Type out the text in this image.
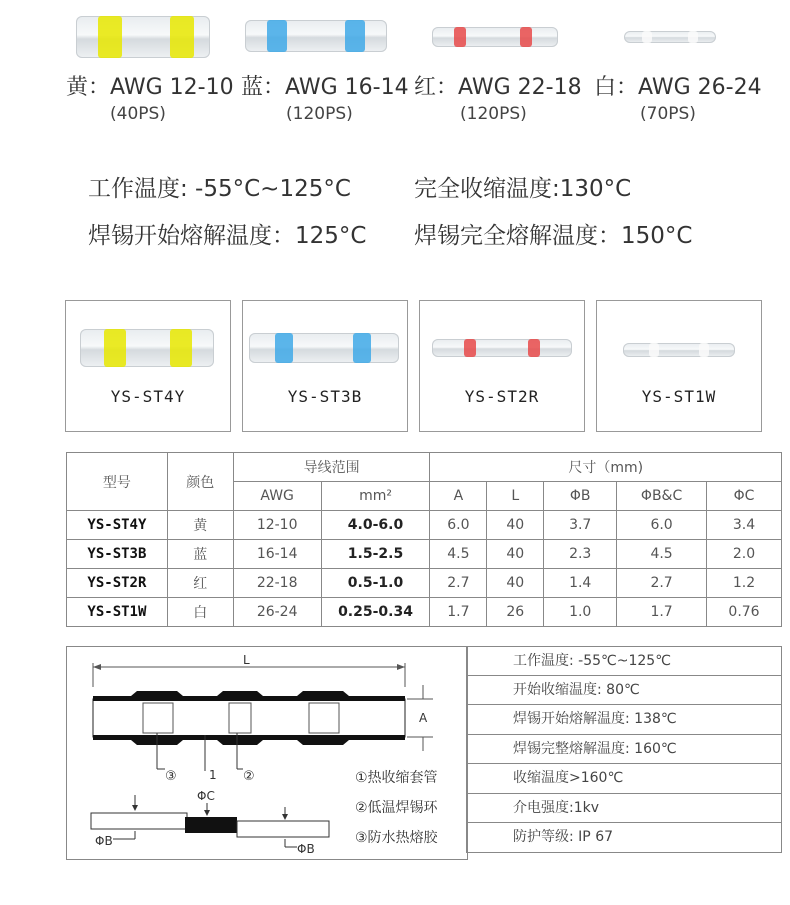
黄：AWG 12-10 蓝：AWG 16-14 红：AWG 22-18 白：AWG 26-24
(40PS)	(120PS)	(120PS)	(70PS)
工作温度: -55°C~125°C	完全收缩温度:130°C
焊锡开始熔解温度：125°C 焊锡完全熔解温度：150°C
YS-ST4Y	YS-ST3B	YS-ST2R	YS-ST1W
型号	颜色	导线范围		尺寸（mm)				
		AWG	mm²	A	L	ΦB	ΦB&C	ΦC
YS-ST4Y	黄	12-10	4.0-6.0	6.0	40	3.7	6.0	3.4
YS-ST3B	蓝	16-14	1.5-2.5	4.5	40	2.3	4.5	2.0
YS-ST2R	红	22-18	0.5-1.0	2.7	40	1.4	2.7	1.2
YS-ST1W	白	26-24	0.25-0.34	1.7	26	1.0	1.7	0.76
L
A
③	1 ②
ΦC
ΦB
ΦB
①热收缩套管
②低温焊锡环
③防水热熔胶
工作温度: -55℃~125℃
开始收缩温度: 80℃
焊锡开始熔解温度: 138℃
焊锡完整熔解温度: 160℃
收缩温度>160℃
介电强度:1kv
防护等级: IP 67
